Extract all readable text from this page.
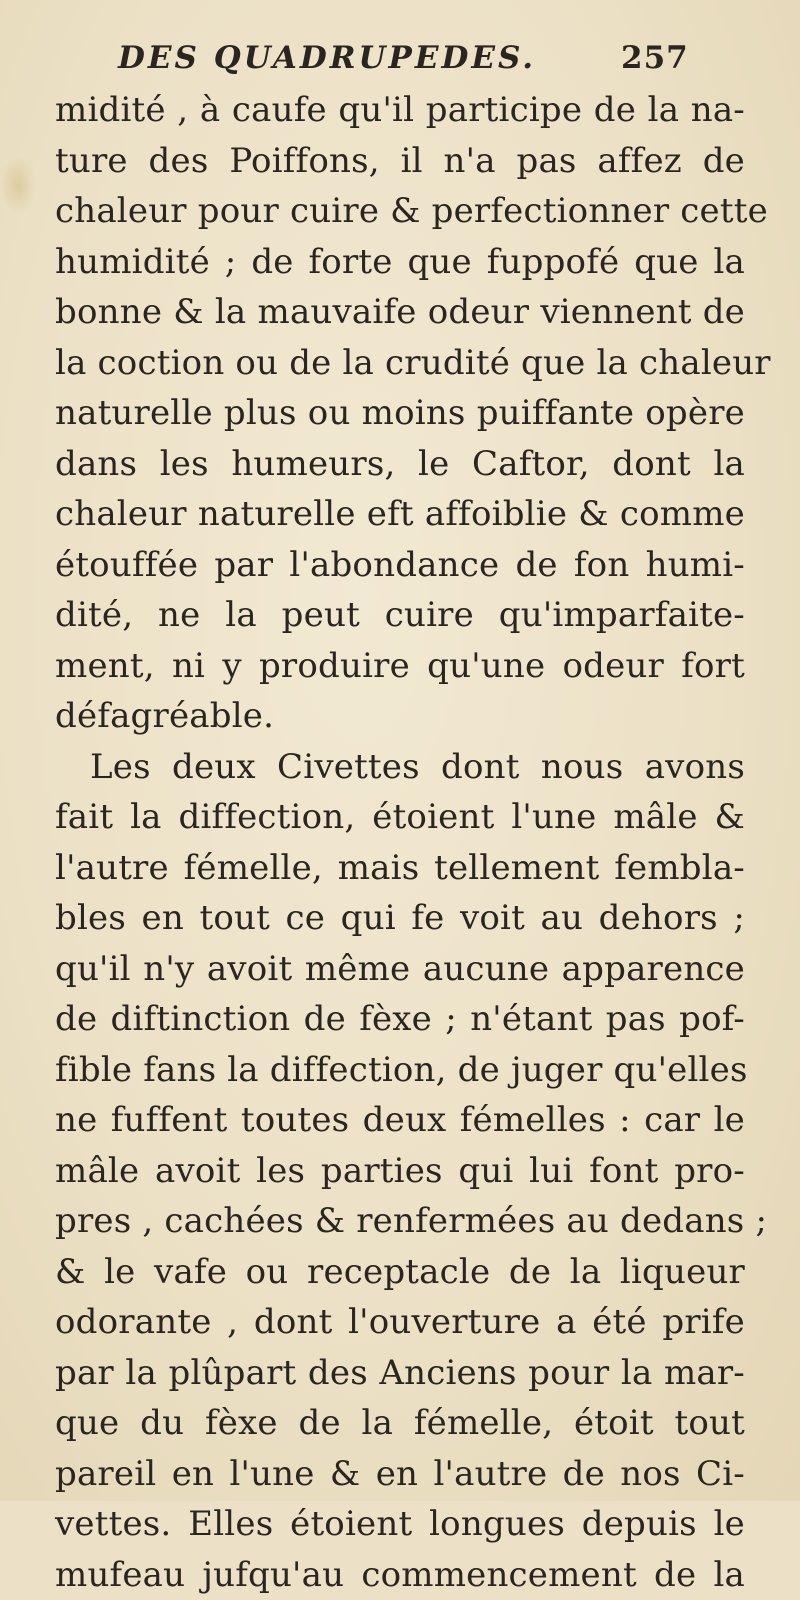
DES QUADRUPEDES.	257
midité , à caufe qu'il participe de la na-
ture des Poiffons, il n'a pas affez de
chaleur pour cuire & perfectionner cette
humidité ; de forte que fuppofé que la
bonne & la mauvaife odeur viennent de
la coction ou de la crudité que la chaleur
naturelle plus ou moins puiffante opère
dans les humeurs, le Caftor, dont la
chaleur naturelle eft affoiblie & comme
étouffée par l'abondance de fon humi-
dité, ne la peut cuire qu'imparfaite-
ment, ni y produire qu'une odeur fort
défagréable.
Les deux Civettes dont nous avons
fait la diffection, étoient l'une mâle &
l'autre fémelle, mais tellement fembla-
bles en tout ce qui fe voit au dehors ;
qu'il n'y avoit même aucune apparence
de diftinction de fèxe ; n'étant pas pof-
fible fans la diffection, de juger qu'elles
ne fuffent toutes deux fémelles : car le
mâle avoit les parties qui lui font pro-
pres , cachées & renfermées au dedans ;
& le vafe ou receptacle de la liqueur
odorante , dont l'ouverture a été prife
par la plûpart des Anciens pour la mar-
que du fèxe de la fémelle, étoit tout
pareil en l'une & en l'autre de nos Ci-
vettes. Elles étoient longues depuis le
mufeau jufqu'au commencement de la
